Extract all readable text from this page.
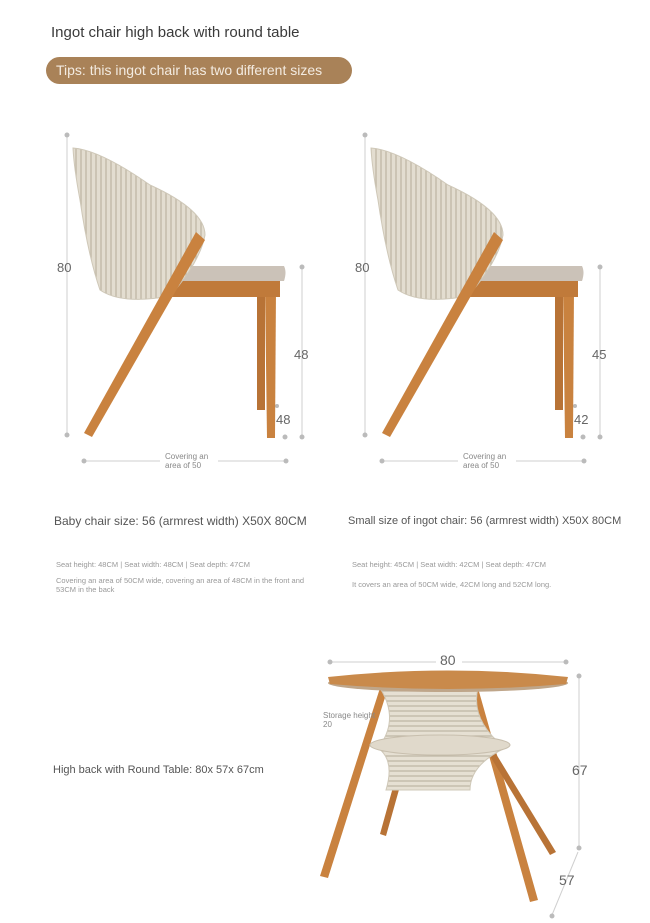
Ingot chair high back with round table
Tips: this ingot chair has two different sizes
80
48
48
Covering an area of 50
80
45
42
Covering an area of 50
Baby chair size: 56 (armrest width) X50X 80CM	Small size of ingot chair: 56 (armrest width) X50X 80CM
Seat height: 48CM | Seat width: 48CM | Seat depth: 47CM
Covering an area of 50CM wide, covering an area of 48CM in the front and 53CM in the back
Seat height: 45CM | Seat width: 42CM | Seat depth: 47CM
It covers an area of 50CM wide, 42CM long and 52CM long.
High back with Round Table: 80x 57x 67cm
80
67
57
Storage height 20
